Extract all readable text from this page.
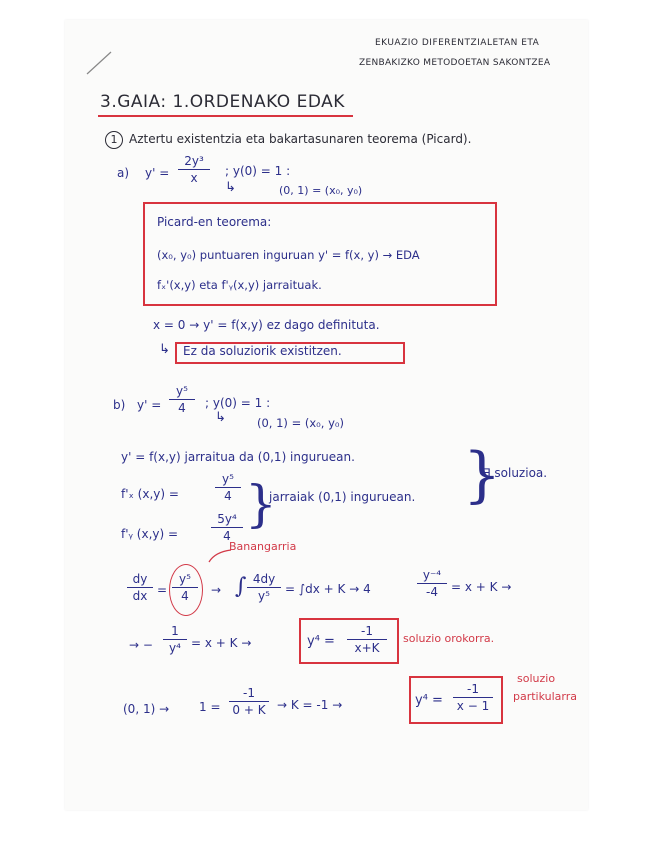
EKUAZIO DIFERENTZIALETAN ETA
ZENBAKIZKO METODOETAN SAKONTZEA
3.GAIA: 1.ORDENAKO EDAK
1 Aztertu existentzia eta bakartasunaren teorema (Picard).
a) y' =
2y³
x	; y(0) = 1 :
↳	(0, 1) = (x₀, y₀)
Picard-en teorema:
(x₀, y₀) puntuaren inguruan y' = f(x, y) → EDA
fₓ'(x,y) eta f'ᵧ(x,y) jarraituak.
x = 0 → y' = f(x,y) ez dago definituta.
↳ Ez da soluziorik existitzen.
b) y' =
y⁵
4	; y(0) = 1 :
↳	(0, 1) = (x₀, y₀)
y' = f(x,y) jarraitua da (0,1) inguruean.
f'ₓ (x,y) =
y⁵
4
f'ᵧ (x,y) =
5y⁴
4
}
jarraiak (0,1) inguruean. }
∃ soluzioa.
Banangarria
dy
dx =
y⁵
4	→ ∫ 4dy
y⁵	= ∫dx + K → 4
y⁻⁴
-4	= x + K →
→ −
1
y⁴ = x + K →	y⁴ =
-1
x+K
soluzio orokorra.
(0, 1) → 1 =
-1
0 + K → K = -1 →	y⁴ =
-1
x − 1
soluzio
partikularra
